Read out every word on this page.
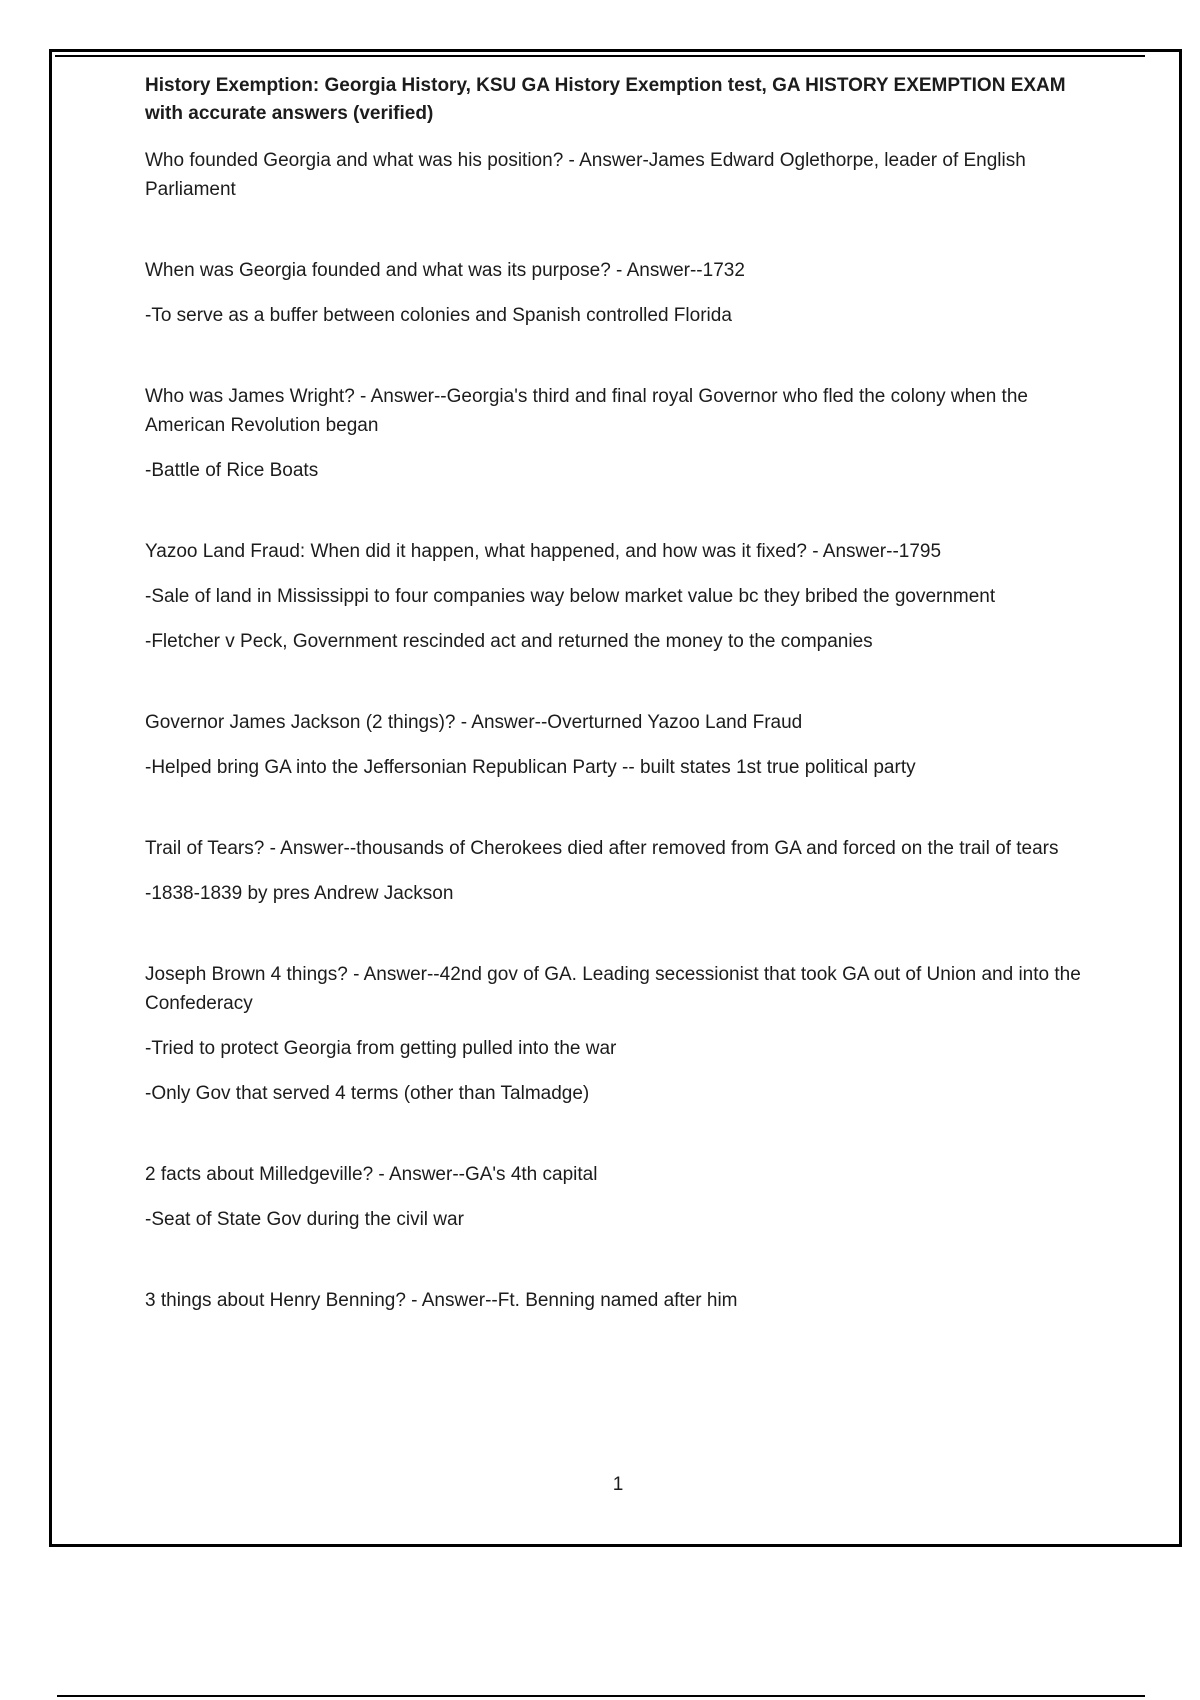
History Exemption: Georgia History, KSU GA History Exemption test, GA HISTORY EXEMPTION EXAM with accurate answers (verified)
Who founded Georgia and what was his position? - Answer-James Edward Oglethorpe, leader of English Parliament
When was Georgia founded and what was its purpose? - Answer--1732
-To serve as a buffer between colonies and Spanish controlled Florida
Who was James Wright? - Answer--Georgia's third and final royal Governor who fled the colony when the American Revolution began
-Battle of Rice Boats
Yazoo Land Fraud: When did it happen, what happened, and how was it fixed? - Answer--1795
-Sale of land in Mississippi to four companies way below market value bc they bribed the government
-Fletcher v Peck, Government rescinded act and returned the money to the companies
Governor James Jackson (2 things)? - Answer--Overturned Yazoo Land Fraud
-Helped bring GA into the Jeffersonian Republican Party -- built states 1st true political party
Trail of Tears? - Answer--thousands of Cherokees died after removed from GA and forced on the trail of tears
-1838-1839 by pres Andrew Jackson
Joseph Brown 4 things? - Answer--42nd gov of GA. Leading secessionist that took GA out of Union and into the Confederacy
-Tried to protect Georgia from getting pulled into the war
-Only Gov that served 4 terms (other than Talmadge)
2 facts about Milledgeville? - Answer--GA's 4th capital
-Seat of State Gov during the civil war
3 things about Henry Benning? - Answer--Ft. Benning named after him
1
